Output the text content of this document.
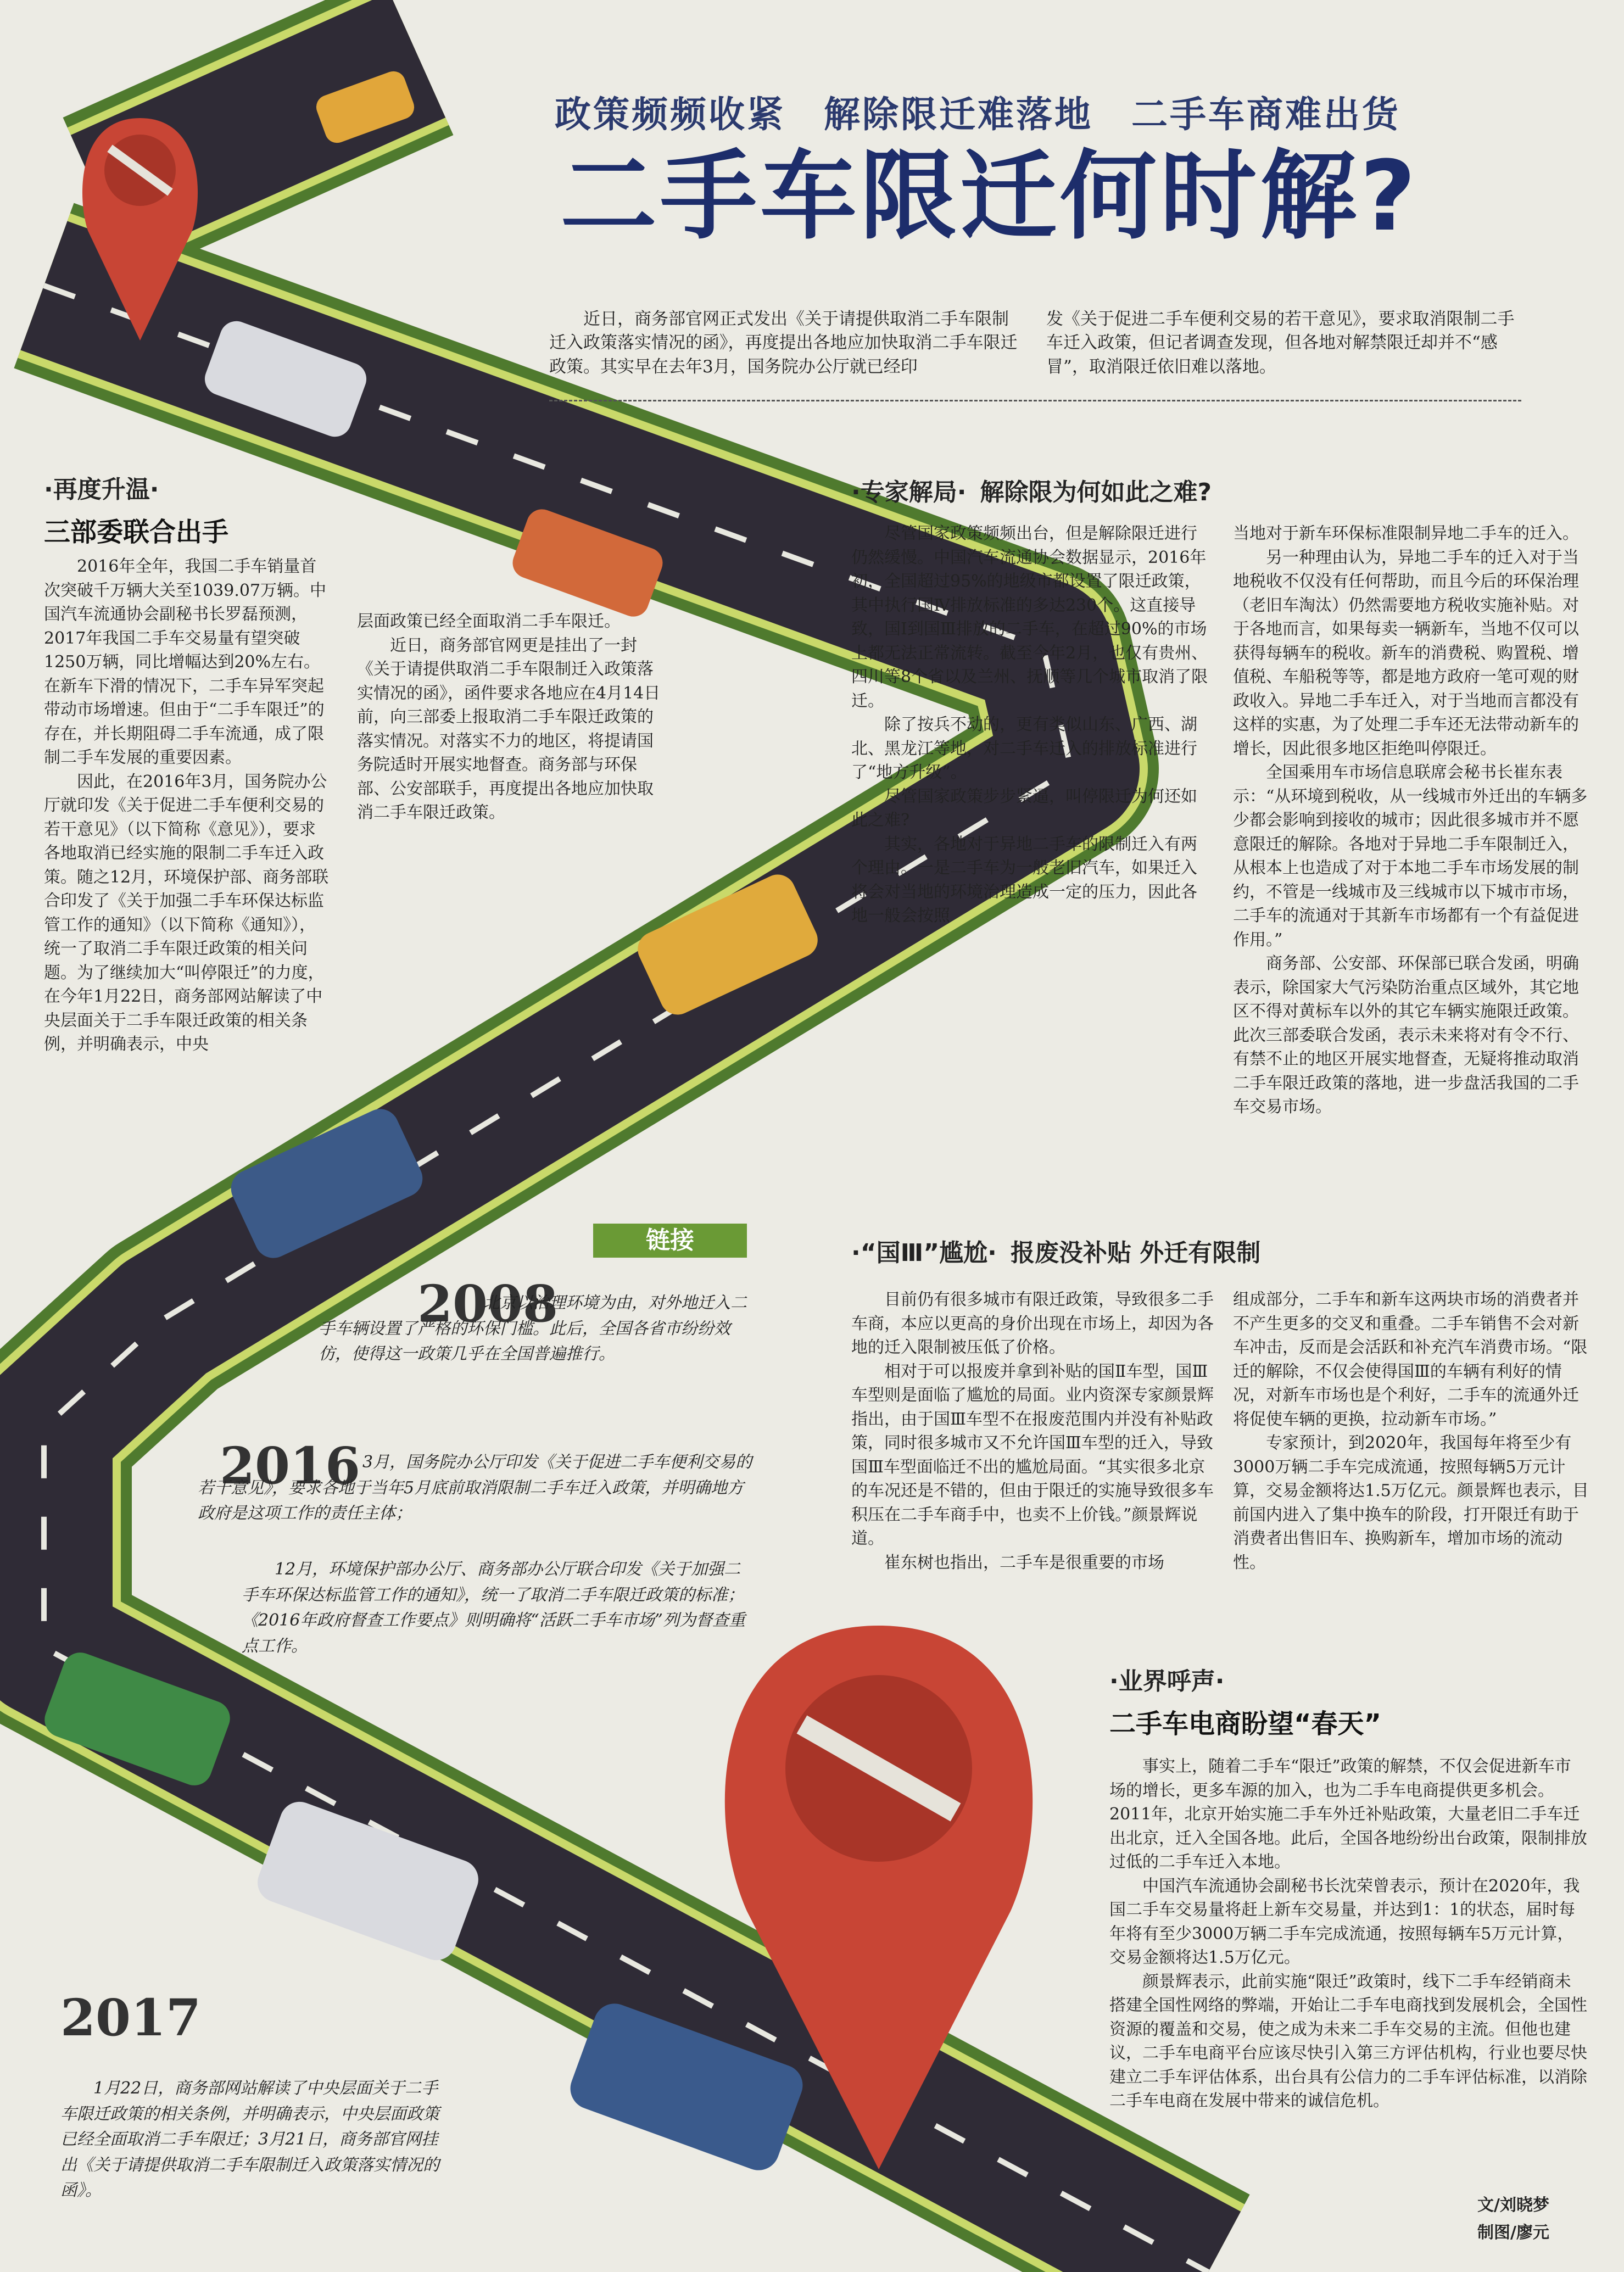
政策频频收紧　解除限迁难落地　二手车商难出货
二手车限迁何时解?

近日，商务部官网正式发出《关于请提供取消二手车限制迁入政策落实情况的函》，再度提出各地应加快取消二手车限迁政策。其实早在去年3月，国务院办公厅就已经印

发《关于促进二手车便利交易的若干意见》，要求取消限制二手车迁入政策，但记者调查发现，但各地对解禁限迁却并不“感冒”，取消限迁依旧难以落地。

·再度升温·
三部委联合出手

2016年全年，我国二手车销量首次突破千万辆大关至1039.07万辆。中国汽车流通协会副秘书长罗磊预测，2017年我国二手车交易量有望突破1250万辆，同比增幅达到20%左右。在新车下滑的情况下，二手车异军突起带动市场增速。但由于“二手车限迁”的存在，并长期阻碍二手车流通，成了限制二手车发展的重要因素。

因此，在2016年3月，国务院办公厅就印发《关于促进二手车便利交易的若干意见》（以下简称《意见》），要求各地取消已经实施的限制二手车迁入政策。随之12月，环境保护部、商务部联合印发了《关于加强二手车环保达标监管工作的通知》（以下简称《通知》），统一了取消二手车限迁政策的相关问题。为了继续加大“叫停限迁”的力度，在今年1月22日，商务部网站解读了中央层面关于二手车限迁政策的相关条例，并明确表示，中央

层面政策已经全面取消二手车限迁。

近日，商务部官网更是挂出了一封《关于请提供取消二手车限制迁入政策落实情况的函》，函件要求各地应在4月14日前，向三部委上报取消二手车限迁政策的落实情况。对落实不力的地区，将提请国务院适时开展实地督查。商务部与环保部、公安部联手，再度提出各地应加快取消二手车限迁政策。

·专家解局· 解除限为何如此之难?

尽管国家政策频频出台，但是解除限迁进行仍然缓慢。中国汽车流通协会数据显示，2016年初，全国超过95%的地级市都设置了限迁政策，其中执行国Ⅳ排放标准的多达230个。这直接导致，国Ⅰ到国Ⅲ排放的二手车，在超过90%的市场上都无法正常流转。截至今年2月，也仅有贵州、四川等8个省以及兰州、抚顺等几个城市取消了限迁。

除了按兵不动的，更有类似山东、广西、湖北、黑龙江等地，对二手车迁入的排放标准进行了“地方升级”。

尽管国家政策步步紧逼，叫停限迁为何还如此之难?

其实，各地对于异地二手车的限制迁入有两个理由。一是二手车为一般老旧汽车，如果迁入将会对当地的环境治理造成一定的压力，因此各地一般会按照

当地对于新车环保标准限制异地二手车的迁入。

另一种理由认为，异地二手车的迁入对于当地税收不仅没有任何帮助，而且今后的环保治理（老旧车淘汰）仍然需要地方税收实施补贴。对于各地而言，如果每卖一辆新车，当地不仅可以获得每辆车的税收。新车的消费税、购置税、增值税、车船税等等，都是地方政府一笔可观的财政收入。异地二手车迁入，对于当地而言都没有这样的实惠，为了处理二手车还无法带动新车的增长，因此很多地区拒绝叫停限迁。

全国乘用车市场信息联席会秘书长崔东表示：“从环境到税收，从一线城市外迁出的车辆多少都会影响到接收的城市；因此很多城市并不愿意限迁的解除。各地对于异地二手车限制迁入，从根本上也造成了对于本地二手车市场发展的制约，不管是一线城市及三线城市以下城市市场，二手车的流通对于其新车市场都有一个有益促进作用。”

商务部、公安部、环保部已联合发函，明确表示，除国家大气污染防治重点区域外，其它地区不得对黄标车以外的其它车辆实施限迁政策。此次三部委联合发函，表示未来将对有令不行、有禁不止的地区开展实地督查，无疑将推动取消二手车限迁政策的落地，进一步盘活我国的二手车交易市场。

链接
2008
北京以治理环境为由，对外地迁入二手车辆设置了严格的环保门槛。此后，全国各省市纷纷效仿，使得这一政策几乎在全国普遍推行。
2016 3月，国务院办公厅印发《关于促进二手车便利交易的若干意见》，要求各地于当年5月底前取消限制二手车迁入政策，并明确地方政府是这项工作的责任主体；
12月，环境保护部办公厅、商务部办公厅联合印发《关于加强二手车环保达标监管工作的通知》，统一了取消二手车限迁政策的标准；《2016年政府督查工作要点》则明确将“活跃二手车市场”列为督查重点工作。
2017
1月22日，商务部网站解读了中央层面关于二手车限迁政策的相关条例，并明确表示，中央层面政策已经全面取消二手车限迁；3月21日，商务部官网挂出《关于请提供取消二手车限制迁入政策落实情况的函》。
·“国Ⅲ”尴尬· 报废没补贴 外迁有限制

目前仍有很多城市有限迁政策，导致很多二手车商，本应以更高的身价出现在市场上，却因为各地的迁入限制被压低了价格。

相对于可以报废并拿到补贴的国Ⅱ车型，国Ⅲ车型则是面临了尴尬的局面。业内资深专家颜景辉指出，由于国Ⅲ车型不在报废范围内并没有补贴政策，同时很多城市又不允许国Ⅲ车型的迁入，导致国Ⅲ车型面临迁不出的尴尬局面。“其实很多北京的车况还是不错的，但由于限迁的实施导致很多车积压在二手车商手中，也卖不上价钱。”颜景辉说道。

崔东树也指出，二手车是很重要的市场

组成部分，二手车和新车这两块市场的消费者并不产生更多的交叉和重叠。二手车销售不会对新车冲击，反而是会活跃和补充汽车消费市场。“限迁的解除，不仅会使得国Ⅲ的车辆有利好的情况，对新车市场也是个利好，二手车的流通外迁将促使车辆的更换，拉动新车市场。”

专家预计，到2020年，我国每年将至少有3000万辆二手车完成流通，按照每辆5万元计算，交易金额将达1.5万亿元。颜景辉也表示，目前国内进入了集中换车的阶段，打开限迁有助于消费者出售旧车、换购新车，增加市场的流动性。

·业界呼声·
二手车电商盼望“春天”

事实上，随着二手车“限迁”政策的解禁，不仅会促进新车市场的增长，更多车源的加入，也为二手车电商提供更多机会。2011年，北京开始实施二手车外迁补贴政策，大量老旧二手车迁出北京，迁入全国各地。此后，全国各地纷纷出台政策，限制排放过低的二手车迁入本地。

中国汽车流通协会副秘书长沈荣曾表示，预计在2020年，我国二手车交易量将赶上新车交易量，并达到1：1的状态，届时每年将有至少3000万辆二手车完成流通，按照每辆车5万元计算，交易金额将达1.5万亿元。

颜景辉表示，此前实施“限迁”政策时，线下二手车经销商未搭建全国性网络的弊端，开始让二手车电商找到发展机会，全国性资源的覆盖和交易，使之成为未来二手车交易的主流。但他也建议，二手车电商平台应该尽快引入第三方评估机构，行业也要尽快建立二手车评估体系，出台具有公信力的二手车评估标准，以消除二手车电商在发展中带来的诚信危机。

文/刘晓梦
制图/廖元
